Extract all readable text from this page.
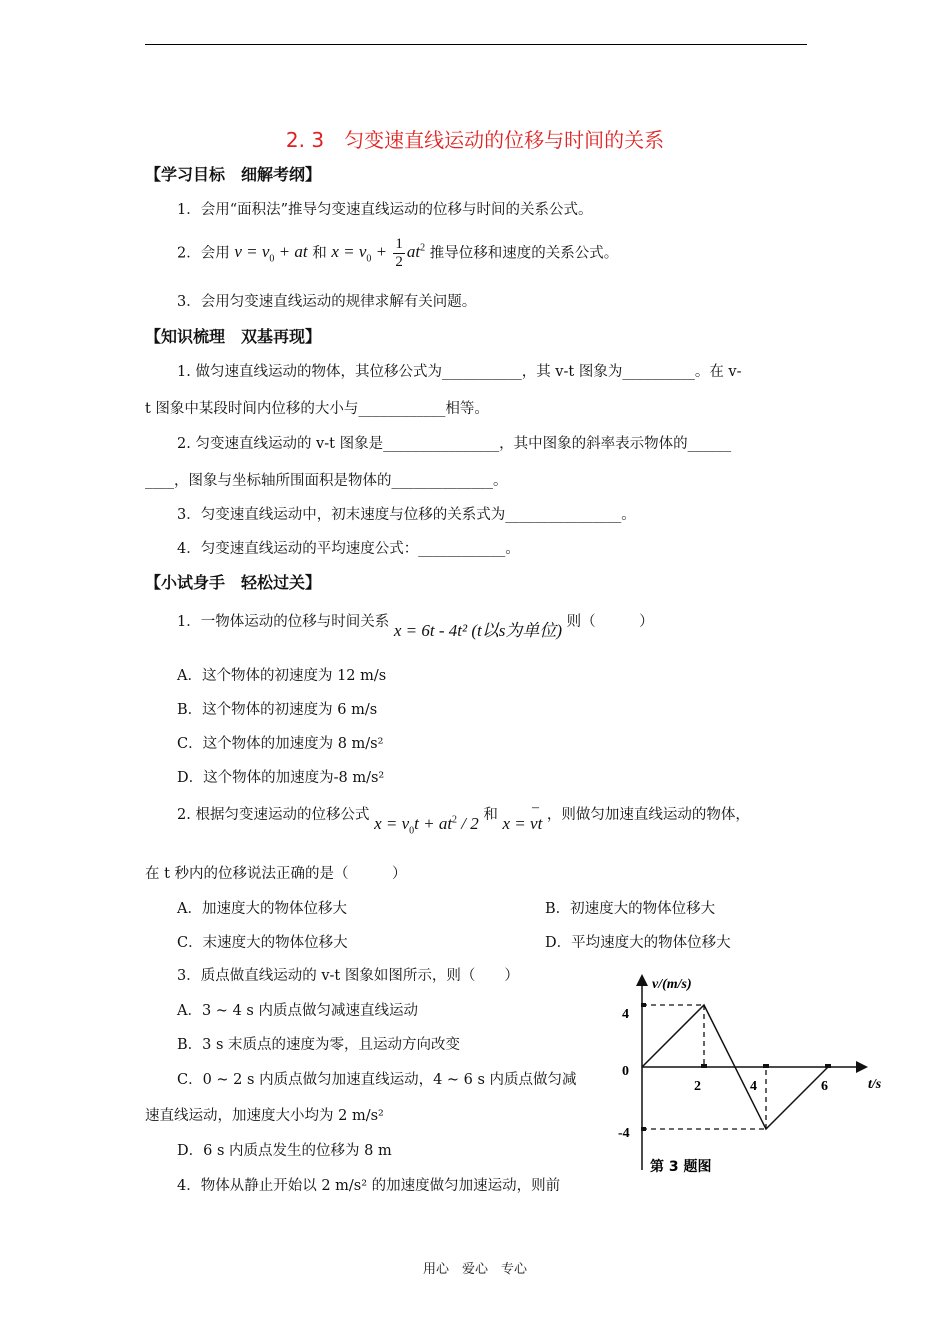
2. 3　匀变速直线运动的位移与时间的关系
【学习目标　细解考纲】
1．会用“面积法”推导匀变速直线运动的位移与时间的关系公式。
2．会用 $v = v_0$ + at 和 $x = v_0 + \frac{1}{2} at^2$ 推导位移和速度的关系公式。
3．会用匀变速直线运动的规律求解有关问题。
【知识梳理　双基再现】
1. 做匀速直线运动的物体，其位移公式为___________，其 v-t 图象为__________。在 v-
t 图象中某段时间内位移的大小与____________相等。
2. 匀变速直线运动的 v-t 图象是________________，其中图象的斜率表示物体的______
____，图象与坐标轴所围面积是物体的______________。
3．匀变速直线运动中，初末速度与位移的关系式为________________。
4．匀变速直线运动的平均速度公式：____________。
【小试身手　轻松过关】
1．一物体运动的位移与时间关系 x = 6t - 4t² (t以s为单位) 则（　　　）
A．这个物体的初速度为 12 m/s
B．这个物体的初速度为 6 m/s
C．这个物体的加速度为 8 m/s²
D．这个物体的加速度为-8 m/s²
2. 根据匀变速运动的位移公式 $x = v_0t + at^2 / 2$ 和 x = – vt ，则做匀加速直线运动的物体，
在 t 秒内的位移说法正确的是（　　　）
A．加速度大的物体位移大	B．初速度大的物体位移大
C．末速度大的物体位移大	D．平均速度大的物体位移大
3．质点做直线运动的 v-t 图象如图所示，则（　　）
A．3 ~ 4 s 内质点做匀减速直线运动
B．3 s 末质点的速度为零，且运动方向改变
C．0 ~ 2 s 内质点做匀加速直线运动，4 ~ 6 s 内质点做匀减
速直线运动，加速度大小均为 2 m/s²
D．6 s 内质点发生的位移为 8 m
4．物体从静止开始以 2 m/s² 的加速度做匀加速运动，则前
v/(m/s)
t/s
4
0
-4
2	4	6
第 3 题图
用心　爱心　专心
